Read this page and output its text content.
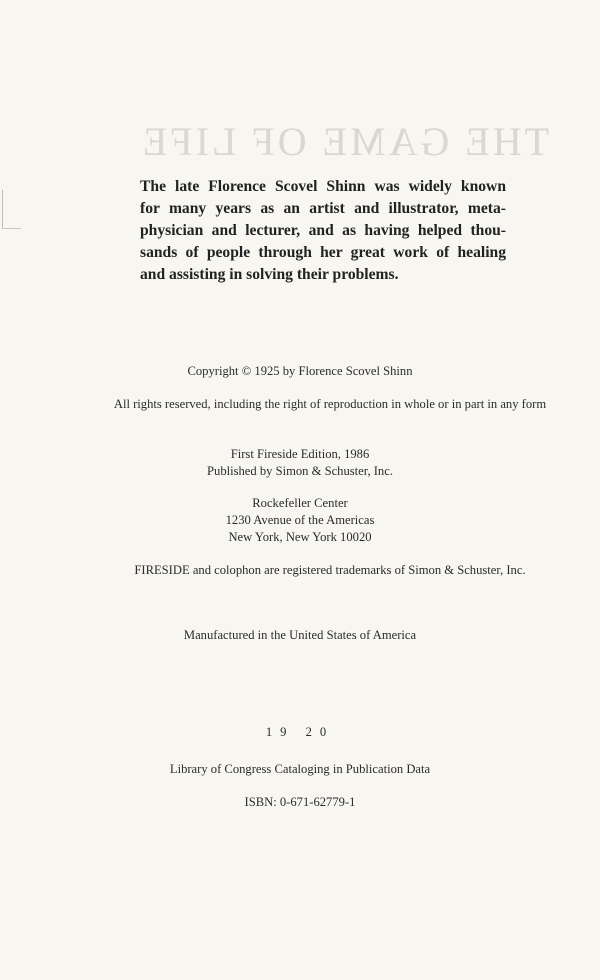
THE GAME OF LIFE
The late Florence Scovel Shinn was widely known
for many years as an artist and illustrator, meta-
physician and lecturer, and as having helped thou-
sands of people through her great work of healing
and assisting in solving their problems.
Copyright © 1925 by Florence Scovel Shinn
All rights reserved, including the right of reproduction in whole or in part in any form
First Fireside Edition, 1986
Published by Simon & Schuster, Inc.
Rockefeller Center
1230 Avenue of the Americas
New York, New York 10020
FIRESIDE and colophon are registered trademarks of Simon & Schuster, Inc.
Manufactured in the United States of America
19 20
Library of Congress Cataloging in Publication Data
ISBN: 0-671-62779-1
